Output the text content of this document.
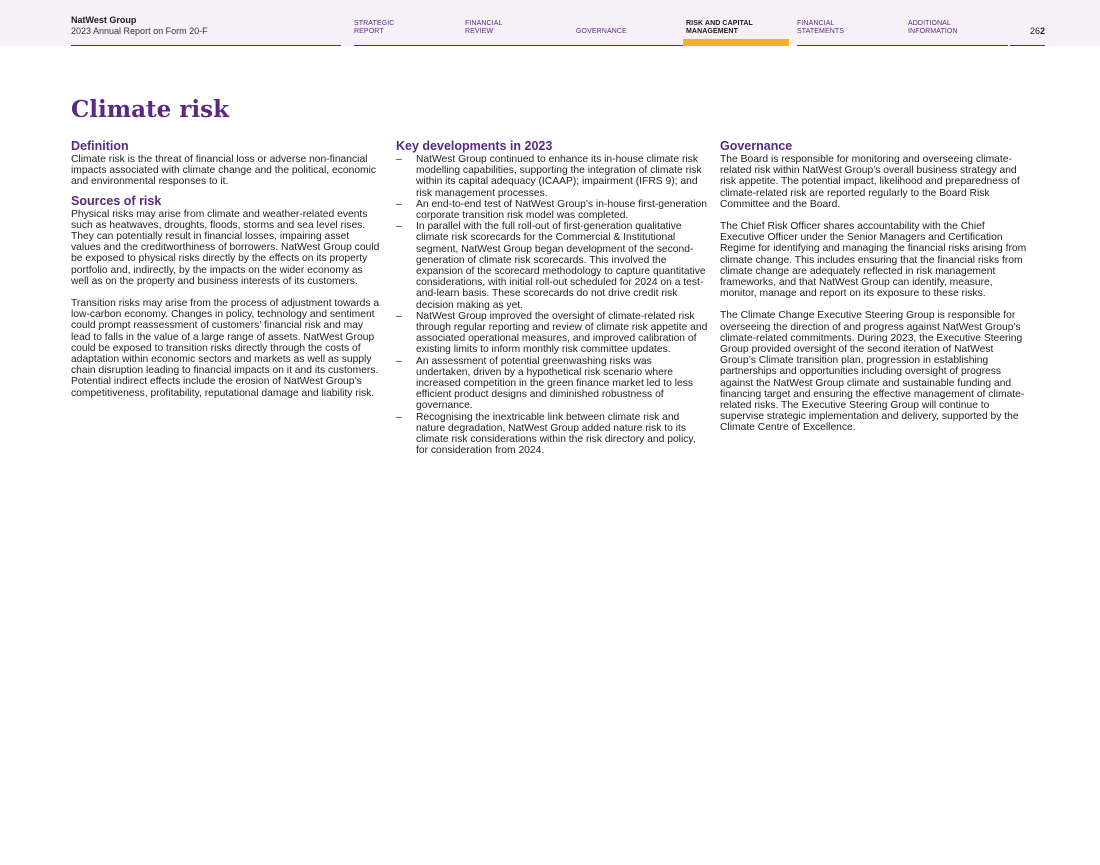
NatWest Group
2023 Annual Report on Form 20-F
STRATEGIC
REPORT
FINANCIAL
REVIEW	GOVERNANCE
RISK AND CAPITAL
MANAGEMENT
FINANCIAL
STATEMENTS
ADDITIONAL
INFORMATION	262
Climate risk
Definition

Climate risk is the threat of financial loss or adverse non-financial impacts associated with climate change and the political, economic and environmental responses to it.

Sources of risk

Physical risks may arise from climate and weather-related events such as heatwaves, droughts, floods, storms and sea level rises. They can potentially result in financial losses, impairing asset values and the creditworthiness of borrowers. NatWest Group could be exposed to physical risks directly by the effects on its property portfolio and, indirectly, by the impacts on the wider economy as well as on the property and business interests of its customers.

Transition risks may arise from the process of adjustment towards a low-carbon economy. Changes in policy, technology and sentiment could prompt reassessment of customers’ financial risk and may lead to falls in the value of a large range of assets. NatWest Group could be exposed to transition risks directly through the costs of adaptation within economic sectors and markets as well as supply chain disruption leading to financial impacts on it and its customers. Potential indirect effects include the erosion of NatWest Group’s competitiveness, profitability, reputational damage and liability risk.

Key developments in 2023
– NatWest Group continued to enhance its in-house climate risk modelling capabilities, supporting the integration of climate risk within its capital adequacy (ICAAP); impairment (IFRS 9); and risk management processes.
– An end-to-end test of NatWest Group’s in-house first-generation corporate transition risk model was completed.
– In parallel with the full roll-out of first-generation qualitative climate risk scorecards for the Commercial & Institutional segment, NatWest Group began development of the second-generation of climate risk scorecards. This involved the expansion of the scorecard methodology to capture quantitative considerations, with initial roll-out scheduled for 2024 on a test-and-learn basis. These scorecards do not drive credit risk decision making as yet.
– NatWest Group improved the oversight of climate-related risk through regular reporting and review of climate risk appetite and associated operational measures, and improved calibration of existing limits to inform monthly risk committee updates.
– An assessment of potential greenwashing risks was undertaken, driven by a hypothetical risk scenario where increased competition in the green finance market led to less efficient product designs and diminished robustness of governance.
– Recognising the inextricable link between climate risk and nature degradation, NatWest Group added nature risk to its climate risk considerations within the risk directory and policy, for consideration from 2024.
Governance

The Board is responsible for monitoring and overseeing climate-related risk within NatWest Group’s overall business strategy and risk appetite. The potential impact, likelihood and preparedness of climate-related risk are reported regularly to the Board Risk Committee and the Board.

The Chief Risk Officer shares accountability with the Chief Executive Officer under the Senior Managers and Certification Regime for identifying and managing the financial risks arising from climate change. This includes ensuring that the financial risks from climate change are adequately reflected in risk management frameworks, and that NatWest Group can identify, measure, monitor, manage and report on its exposure to these risks.

The Climate Change Executive Steering Group is responsible for overseeing the direction of and progress against NatWest Group’s climate-related commitments. During 2023, the Executive Steering Group provided oversight of the second iteration of NatWest Group’s Climate transition plan, progression in establishing partnerships and opportunities including oversight of progress against the NatWest Group climate and sustainable funding and financing target and ensuring the effective management of climate-related risks. The Executive Steering Group will continue to supervise strategic implementation and delivery, supported by the Climate Centre of Excellence.
